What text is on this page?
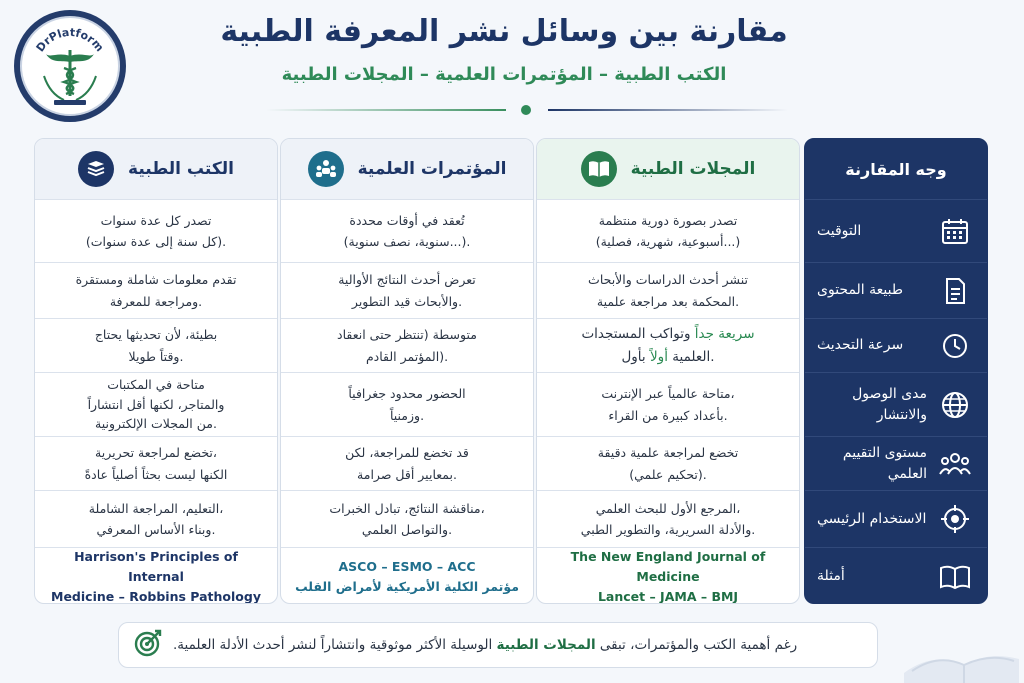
DrPlatform	مقارنة بين وسائل نشر المعرفة الطبية
الكتب الطبية – المؤتمرات العلمية – المجلات الطبية
الكتب الطبية
تصدر كل عدة سنوات
(كل سنة إلى عدة سنوات).
تقدم معلومات شاملة ومستقرة
ومراجعة للمعرفة.
بطيئة، لأن تحديثها يحتاج
وقتاً طويلا.
متاحة في المكتبات
والمتاجر، لكنها أقل انتشاراً
من المجلات الإلكترونية.
تخضع لمراجعة تحريرية،
الكنها ليست بحثاً أصلياً عادةً
التعليم، المراجعة الشاملة،
وبناء الأساس المعرفي.
Harrison's Principles of Internal
Medicine – Robbins Pathology
المؤتمرات العلمية
تُعقد في أوقات محددة
(سنوية، نصف سنوية...).
تعرض أحدث النتائج الأوالية
والأبحاث قيد التطوير.
متوسطة (تنتظر حتى انعقاد
المؤتمر القادم).
الحضور محدود جغرافياً
وزمنياً.
قد تخضع للمراجعة، لكن
بمعايير أقل صرامة.
مناقشة النتائج، تبادل الخبرات،
والتواصل العلمي.
ASCO – ESMO – ACC
مؤتمر الكلية الأمريكية لأمراض القلب
المجلات الطبية
تصدر بصورة دورية منتظمة
(أسبوعية، شهرية، فصلية...)
تنشر أحدث الدراسات والأبحاث
المحكمة بعد مراجعة علمية.
سريعة جداً وتواكب المستجدات
العلمية أولاً بأول.
متاحة عالمياً عبر الإنترنت،
بأعداد كبيرة من القراء.
تخضع لمراجعة علمية دقيقة
(تحكيم علمي).
المرجع الأول للبحث العلمي،
والأدلة السريرية، والتطوير الطبي.
The New England Journal of Medicine
Lancet – JAMA – BMJ
وجه المقارنة
التوقيت
طبيعة المحتوى
سرعة التحديث
مدى الوصول والانتشار
مستوى التقييم العلمي
الاستخدام الرئيسي
أمثلة
رغم أهمية الكتب والمؤتمرات، تبقى المجلات الطبية الوسيلة الأكثر موثوقية وانتشاراً لنشر أحدث الأدلة العلمية.
